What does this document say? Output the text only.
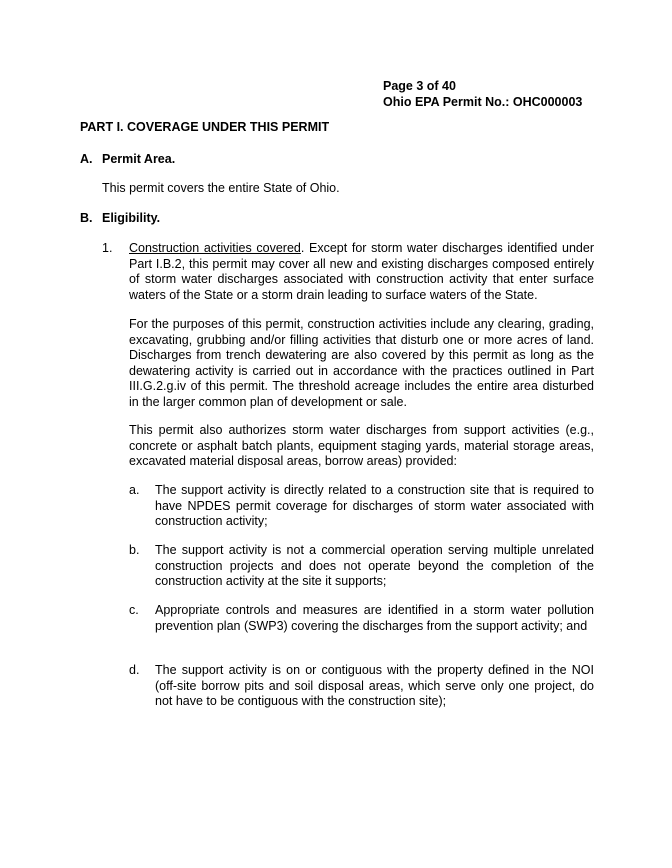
Page 3 of 40
Ohio EPA Permit No.: OHC000003
PART I. COVERAGE UNDER THIS PERMIT
A. Permit Area.
This permit covers the entire State of Ohio.
B. Eligibility.
1. Construction activities covered. Except for storm water discharges identified under Part I.B.2, this permit may cover all new and existing discharges composed entirely of storm water discharges associated with construction activity that enter surface waters of the State or a storm drain leading to surface waters of the State.
For the purposes of this permit, construction activities include any clearing, grading, excavating, grubbing and/or filling activities that disturb one or more acres of land. Discharges from trench dewatering are also covered by this permit as long as the dewatering activity is carried out in accordance with the practices outlined in Part III.G.2.g.iv of this permit. The threshold acreage includes the entire area disturbed in the larger common plan of development or sale.
This permit also authorizes storm water discharges from support activities (e.g., concrete or asphalt batch plants, equipment staging yards, material storage areas, excavated material disposal areas, borrow areas) provided:
a. The support activity is directly related to a construction site that is required to have NPDES permit coverage for discharges of storm water associated with construction activity;
b. The support activity is not a commercial operation serving multiple unrelated construction projects and does not operate beyond the completion of the construction activity at the site it supports;
c. Appropriate controls and measures are identified in a storm water pollution prevention plan (SWP3) covering the discharges from the support activity; and
d. The support activity is on or contiguous with the property defined in the NOI (off-site borrow pits and soil disposal areas, which serve only one project, do not have to be contiguous with the construction site);
